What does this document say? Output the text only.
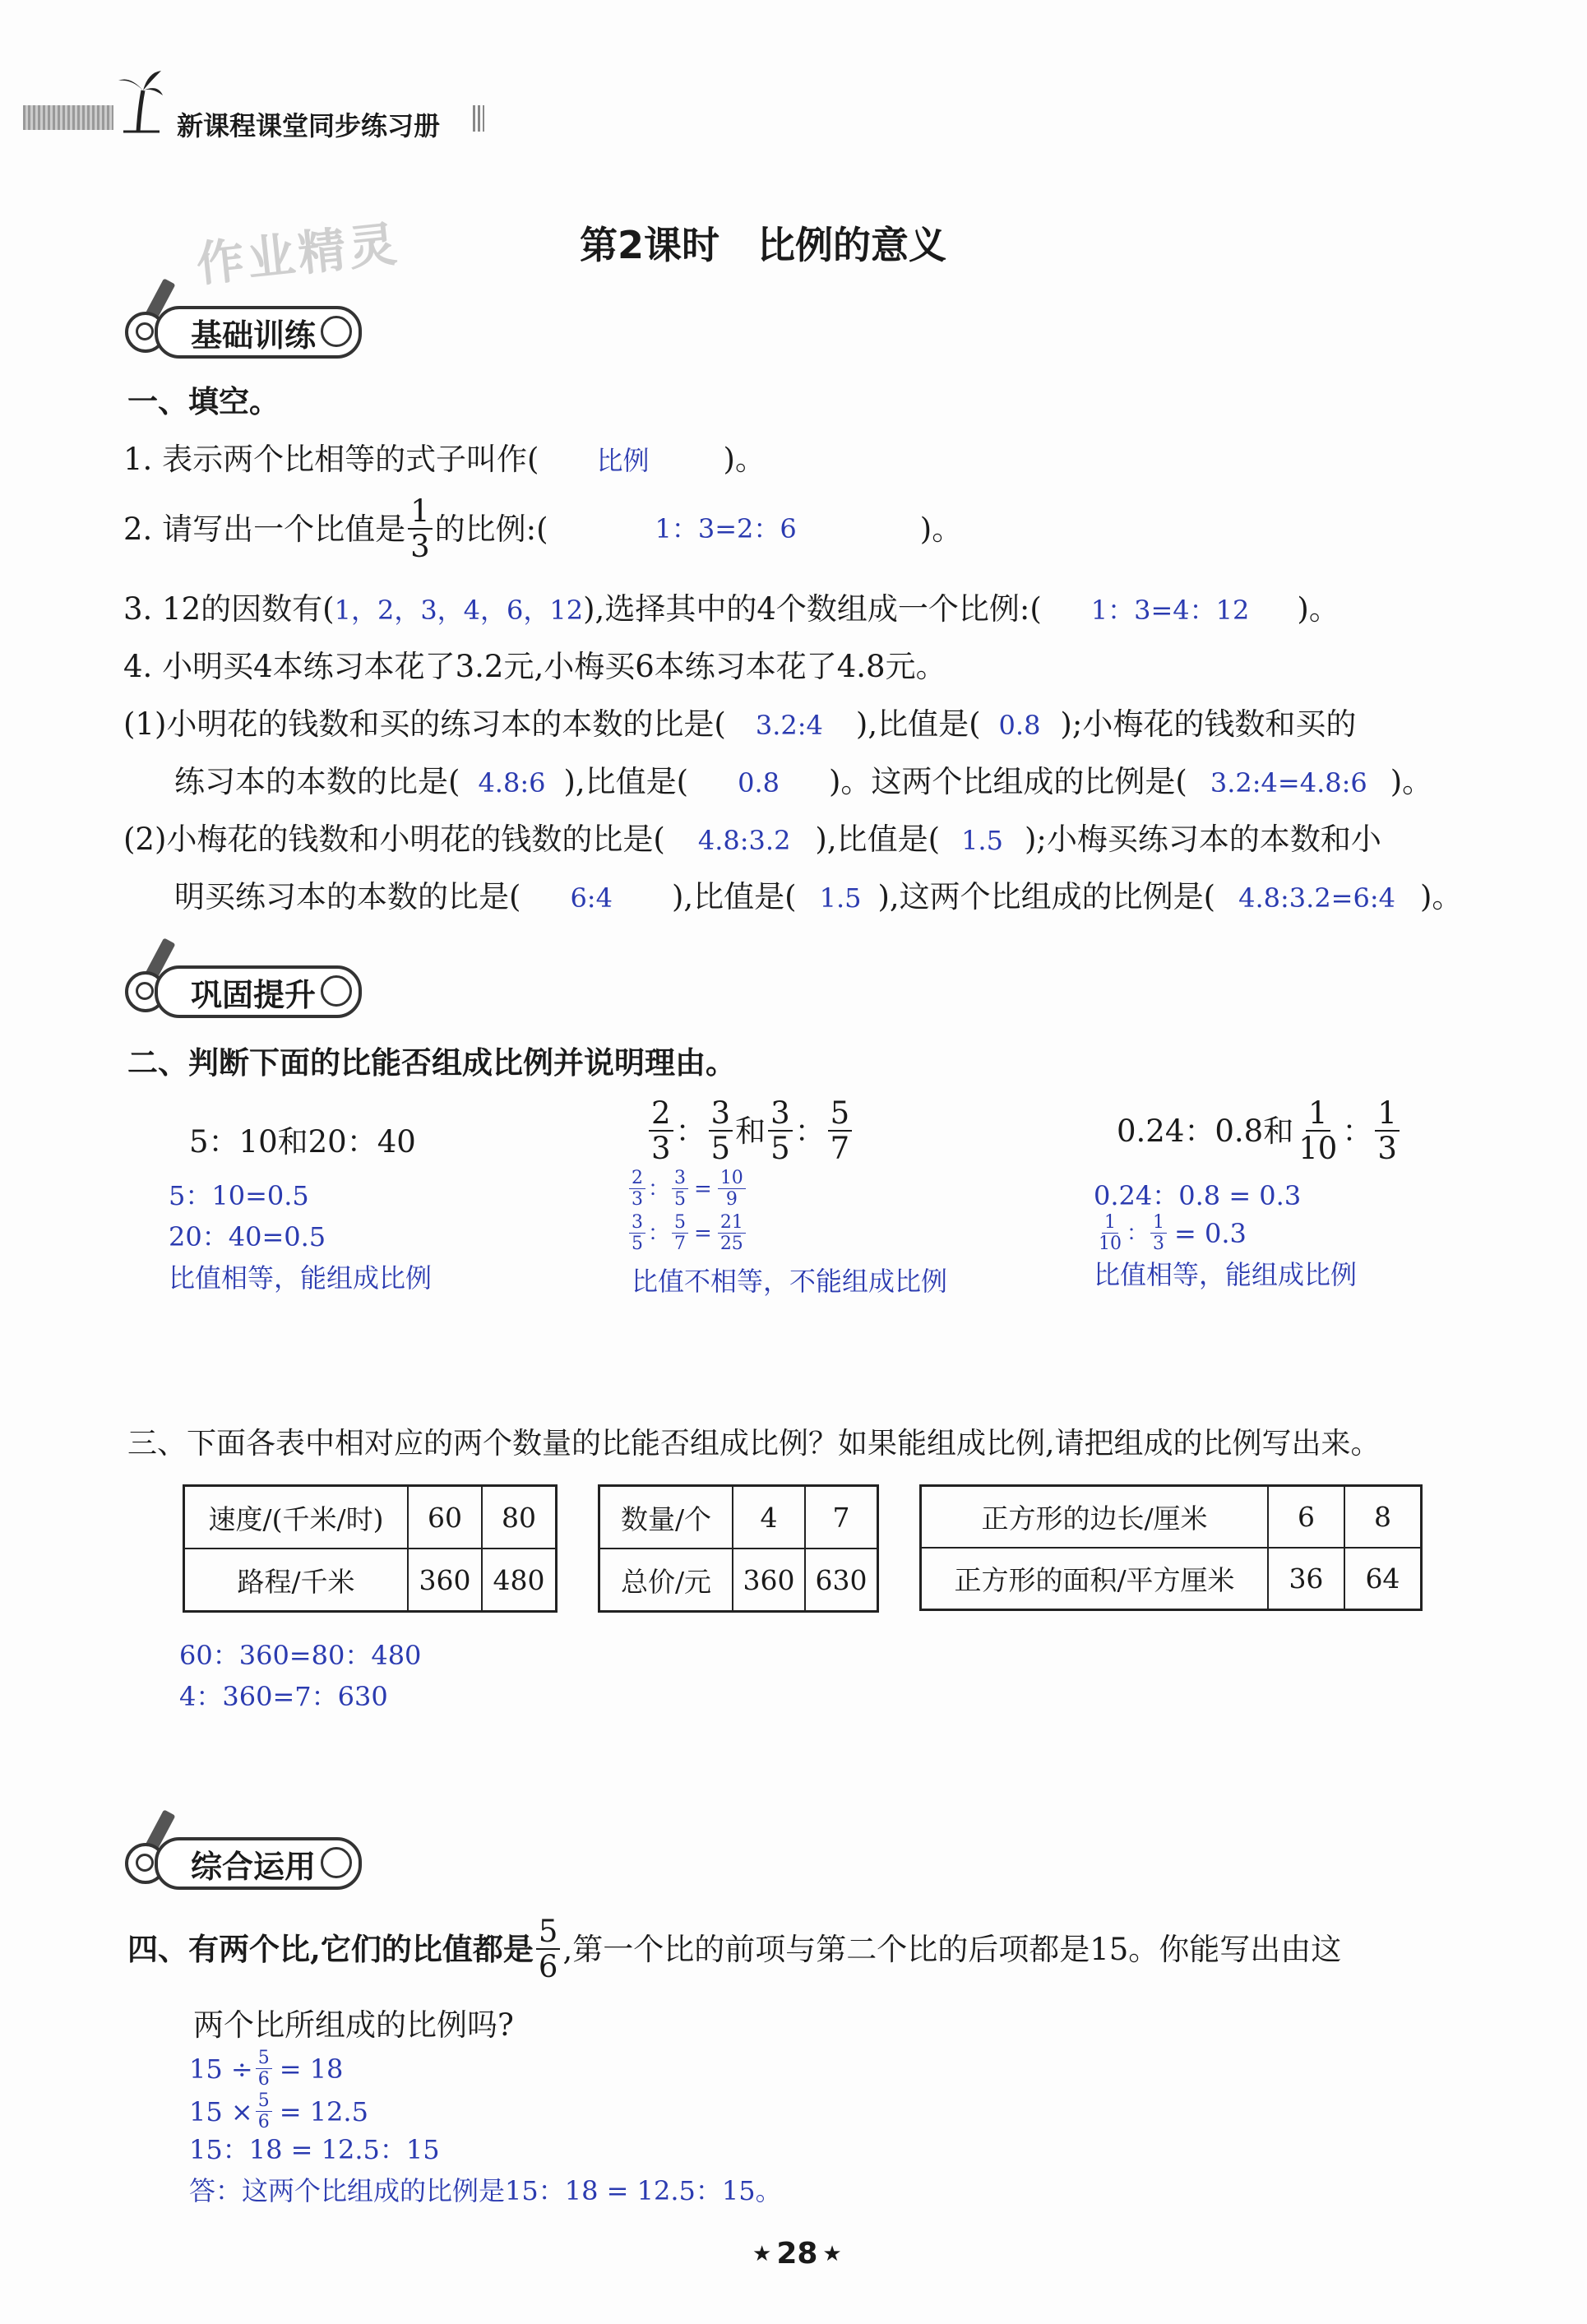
新课程课堂同步练习册
作业精灵	第2课时　比例的意义
基础训练
一、填空。
1. 表示两个比相等的式子叫作( 比例 )。
2. 请写出一个比值是 $\frac{1}{3}$ 的比例:(	1：3=2：6	)。
3. 12的因数有(1，2，3，4，6，12),选择其中的4个数组成一个比例:( 1：3=4：12 )。
4. 小明买4本练习本花了3.2元,小梅买6本练习本花了4.8元。
(1)小明花的钱数和买的练习本的本数的比是( 3.2:4 ),比值是( 0.8 );小梅花的钱数和买的
练习本的本数的比是( 4.8:6 ),比值是( 0.8 )。这两个比组成的比例是( 3.2:4=4.8:6 )。
(2)小梅花的钱数和小明花的钱数的比是( 4.8:3.2 ),比值是( 1.5 );小梅买练习本的本数和小
明买练习本的本数的比是( 6:4 ),比值是( 1.5 ),这两个比组成的比例是( 4.8:3.2=6:4 )。
巩固提升
二、判断下面的比能否组成比例并说明理由。
5：10和20：40
5：10=0.5
20：40=0.5
比值相等，能组成比例
$\frac{2}{3}$ ： $\frac{3}{5}$ 和 $\frac{3}{5}$ ： $\frac{5}{7}$
$\frac{2}{3}$ ： $\frac{3}{5} = \frac{10}{9}$
$\frac{3}{5}$ ： $\frac{5}{7} = \frac{21}{25}$
比值不相等，不能组成比例
0.24：0.8和 $\frac{1}{10}$ ： $\frac{1}{3}$
0.24：0.8 = 0.3
$\frac{1}{10}$ ： $\frac{1}{3} = 0.3$
比值相等，能组成比例
三、下面各表中相对应的两个数量的比能否组成比例？如果能组成比例,请把组成的比例写出来。
速度/(千米/时)	60	80
路程/千米	360	480
数量/个	4	7
总价/元	360	630
正方形的边长/厘米	6	8
正方形的面积/平方厘米	36	64
60：360=80：480
4：360=7：630
综合运用
四、有两个比,它们的比值都是 $\frac{5}{6}$ ,第一个比的前项与第二个比的后项都是15。你能写出由这
两个比所组成的比例吗?
$15 \div \frac{5}{6} = 18$
$15 \times \frac{5}{6} = 12.5$
15：18 = 12.5：15
答：这两个比组成的比例是15：18 = 12.5：15。
★ 28 ★
